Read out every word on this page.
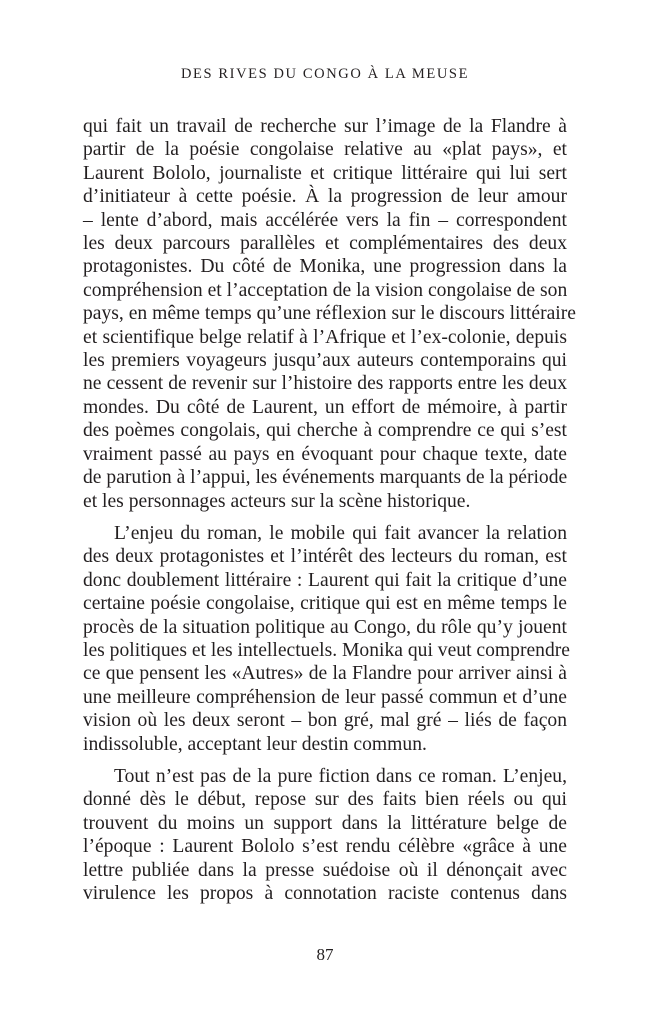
DES RIVES DU CONGO À LA MEUSE
qui fait un travail de recherche sur l’image de la Flandre à
partir de la poésie congolaise relative au «plat pays», et
Laurent Bololo, journaliste et critique littéraire qui lui sert
d’initiateur à cette poésie. À la progression de leur amour
– lente d’abord, mais accélérée vers la fin – correspondent
les deux parcours parallèles et complémentaires des deux
protagonistes. Du côté de Monika, une progression dans la
compréhension et l’acceptation de la vision congolaise de son
pays, en même temps qu’une réflexion sur le discours littéraire
et scientifique belge relatif à l’Afrique et l’ex-colonie, depuis
les premiers voyageurs jusqu’aux auteurs contemporains qui
ne cessent de revenir sur l’histoire des rapports entre les deux
mondes. Du côté de Laurent, un effort de mémoire, à partir
des poèmes congolais, qui cherche à comprendre ce qui s’est
vraiment passé au pays en évoquant pour chaque texte, date
de parution à l’appui, les événements marquants de la période
et les personnages acteurs sur la scène historique.
L’enjeu du roman, le mobile qui fait avancer la relation
des deux protagonistes et l’intérêt des lecteurs du roman, est
donc doublement littéraire : Laurent qui fait la critique d’une
certaine poésie congolaise, critique qui est en même temps le
procès de la situation politique au Congo, du rôle qu’y jouent
les politiques et les intellectuels. Monika qui veut comprendre
ce que pensent les «Autres» de la Flandre pour arriver ainsi à
une meilleure compréhension de leur passé commun et d’une
vision où les deux seront – bon gré, mal gré – liés de façon
indissoluble, acceptant leur destin commun.
Tout n’est pas de la pure fiction dans ce roman. L’enjeu,
donné dès le début, repose sur des faits bien réels ou qui
trouvent du moins un support dans la littérature belge de
l’époque : Laurent Bololo s’est rendu célèbre «grâce à une
lettre publiée dans la presse suédoise où il dénonçait avec
virulence les propos à connotation raciste contenus dans
87
